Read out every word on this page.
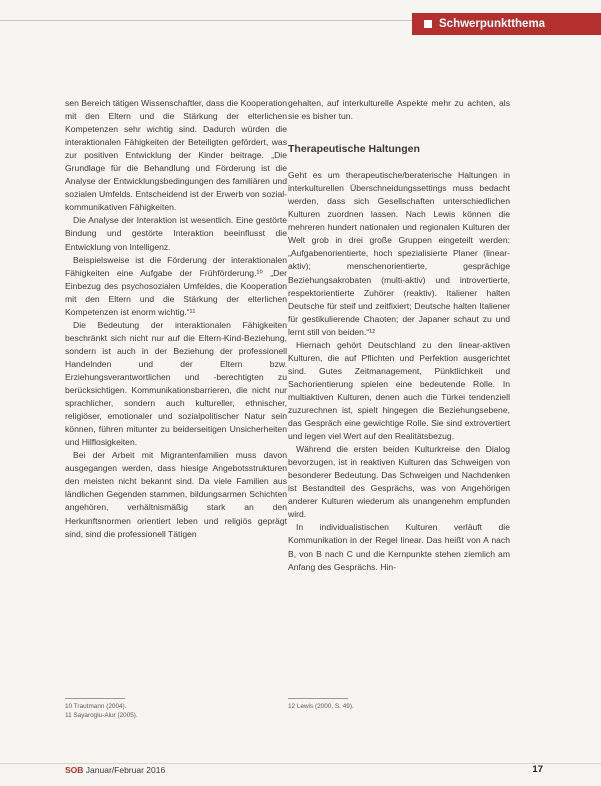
Schwerpunktthema

sen Bereich tätigen Wissenschaftler, dass die Kooperation mit den Eltern und die Stärkung der elterlichen Kompetenzen sehr wichtig sind. Dadurch würden die interaktionalen Fähigkeiten der Beteiligten gefördert, was zur positiven Entwicklung der Kinder beitrage. „Die Grundlage für die Behandlung und Förderung ist die Analyse der Entwicklungsbedingungen des familiären und sozialen Umfelds. Entscheidend ist der Erwerb von sozial-kommunikativen Fähigkeiten.

Die Analyse der Interaktion ist wesentlich. Eine gestörte Bindung und gestörte Interaktion beeinflusst die Entwicklung von Intelligenz.

Beispielsweise ist die Förderung der interaktionalen Fähigkeiten eine Aufgabe der Frühförderung.¹⁰ „Der Einbezug des psychosozialen Umfeldes, die Kooperation mit den Eltern und die Stärkung der elterlichen Kompetenzen ist enorm wichtig.“¹¹

Die Bedeutung der interaktionalen Fähigkeiten beschränkt sich nicht nur auf die Eltern-Kind-Beziehung, sondern ist auch in der Beziehung der professionell Handelnden und der Eltern bzw. Erziehungsverantwortlichen und -berechtigten zu berücksichtigen. Kommunikationsbarrieren, die nicht nur sprachlicher, sondern auch kultureller, ethnischer, religiöser, emotionaler und sozialpolitischer Natur sein können, führen mitunter zu beiderseitigen Unsicherheiten und Hilflosigkeiten.

Bei der Arbeit mit Migrantenfamilien muss davon ausgegangen werden, dass hiesige Angebotsstrukturen den meisten nicht bekannt sind. Da viele Familien aus ländlichen Gegenden stammen, bildungsarmen Schichten angehören, verhältnismäßig stark an den Herkunftsnormen orientiert leben und religiös geprägt sind, sind die professionell Tätigen

gehalten, auf interkulturelle Aspekte mehr zu achten, als sie es bisher tun.

Therapeutische Haltungen

Geht es um therapeutische/beraterische Haltungen in interkulturellen Überschneidungssettings muss bedacht werden, dass sich Gesellschaften unterschiedlichen Kulturen zuordnen lassen. Nach Lewis können die mehreren hundert nationalen und regionalen Kulturen der Welt grob in drei große Gruppen eingeteilt werden: „Aufgabenorientierte, hoch spezialisierte Planer (linear-aktiv); menschenorientierte, gesprächige Beziehungsakrobaten (multi-aktiv) und introvertierte, respektorientierte Zuhörer (reaktiv). Italiener halten Deutsche für steif und zeitfixiert; Deutsche halten Italiener für gestikulierende Chaoten; der Japaner schaut zu und lernt still von beiden.“¹²

Hiernach gehört Deutschland zu den linear-aktiven Kulturen, die auf Pflichten und Perfektion ausgerichtet sind. Gutes Zeitmanagement, Pünktlichkeit und Sachorientierung spielen eine bedeutende Rolle. In multiaktiven Kulturen, denen auch die Türkei tendenziell zuzurechnen ist, spielt hingegen die Beziehungsebene, das Gespräch eine gewichtige Rolle. Sie sind extrovertiert und legen viel Wert auf den Realitätsbezug.

Während die ersten beiden Kulturkreise den Dialog bevorzugen, ist in reaktiven Kulturen das Schweigen von besonderer Bedeutung. Das Schweigen und Nachdenken ist Bestandteil des Gesprächs, was von Angehörigen anderer Kulturen wiederum als unangenehm empfunden wird.

In individualistischen Kulturen verläuft die Kommunikation in der Regel linear. Das heißt von A nach B, von B nach C und die Kernpunkte stehen ziemlich am Anfang des Gesprächs. Hin-

10 Trautmann (2004).
11 Sayaroglu-Alur (2005).
12 Lewis (2000, S. 49).
SOB Januar/Februar 2016	17
